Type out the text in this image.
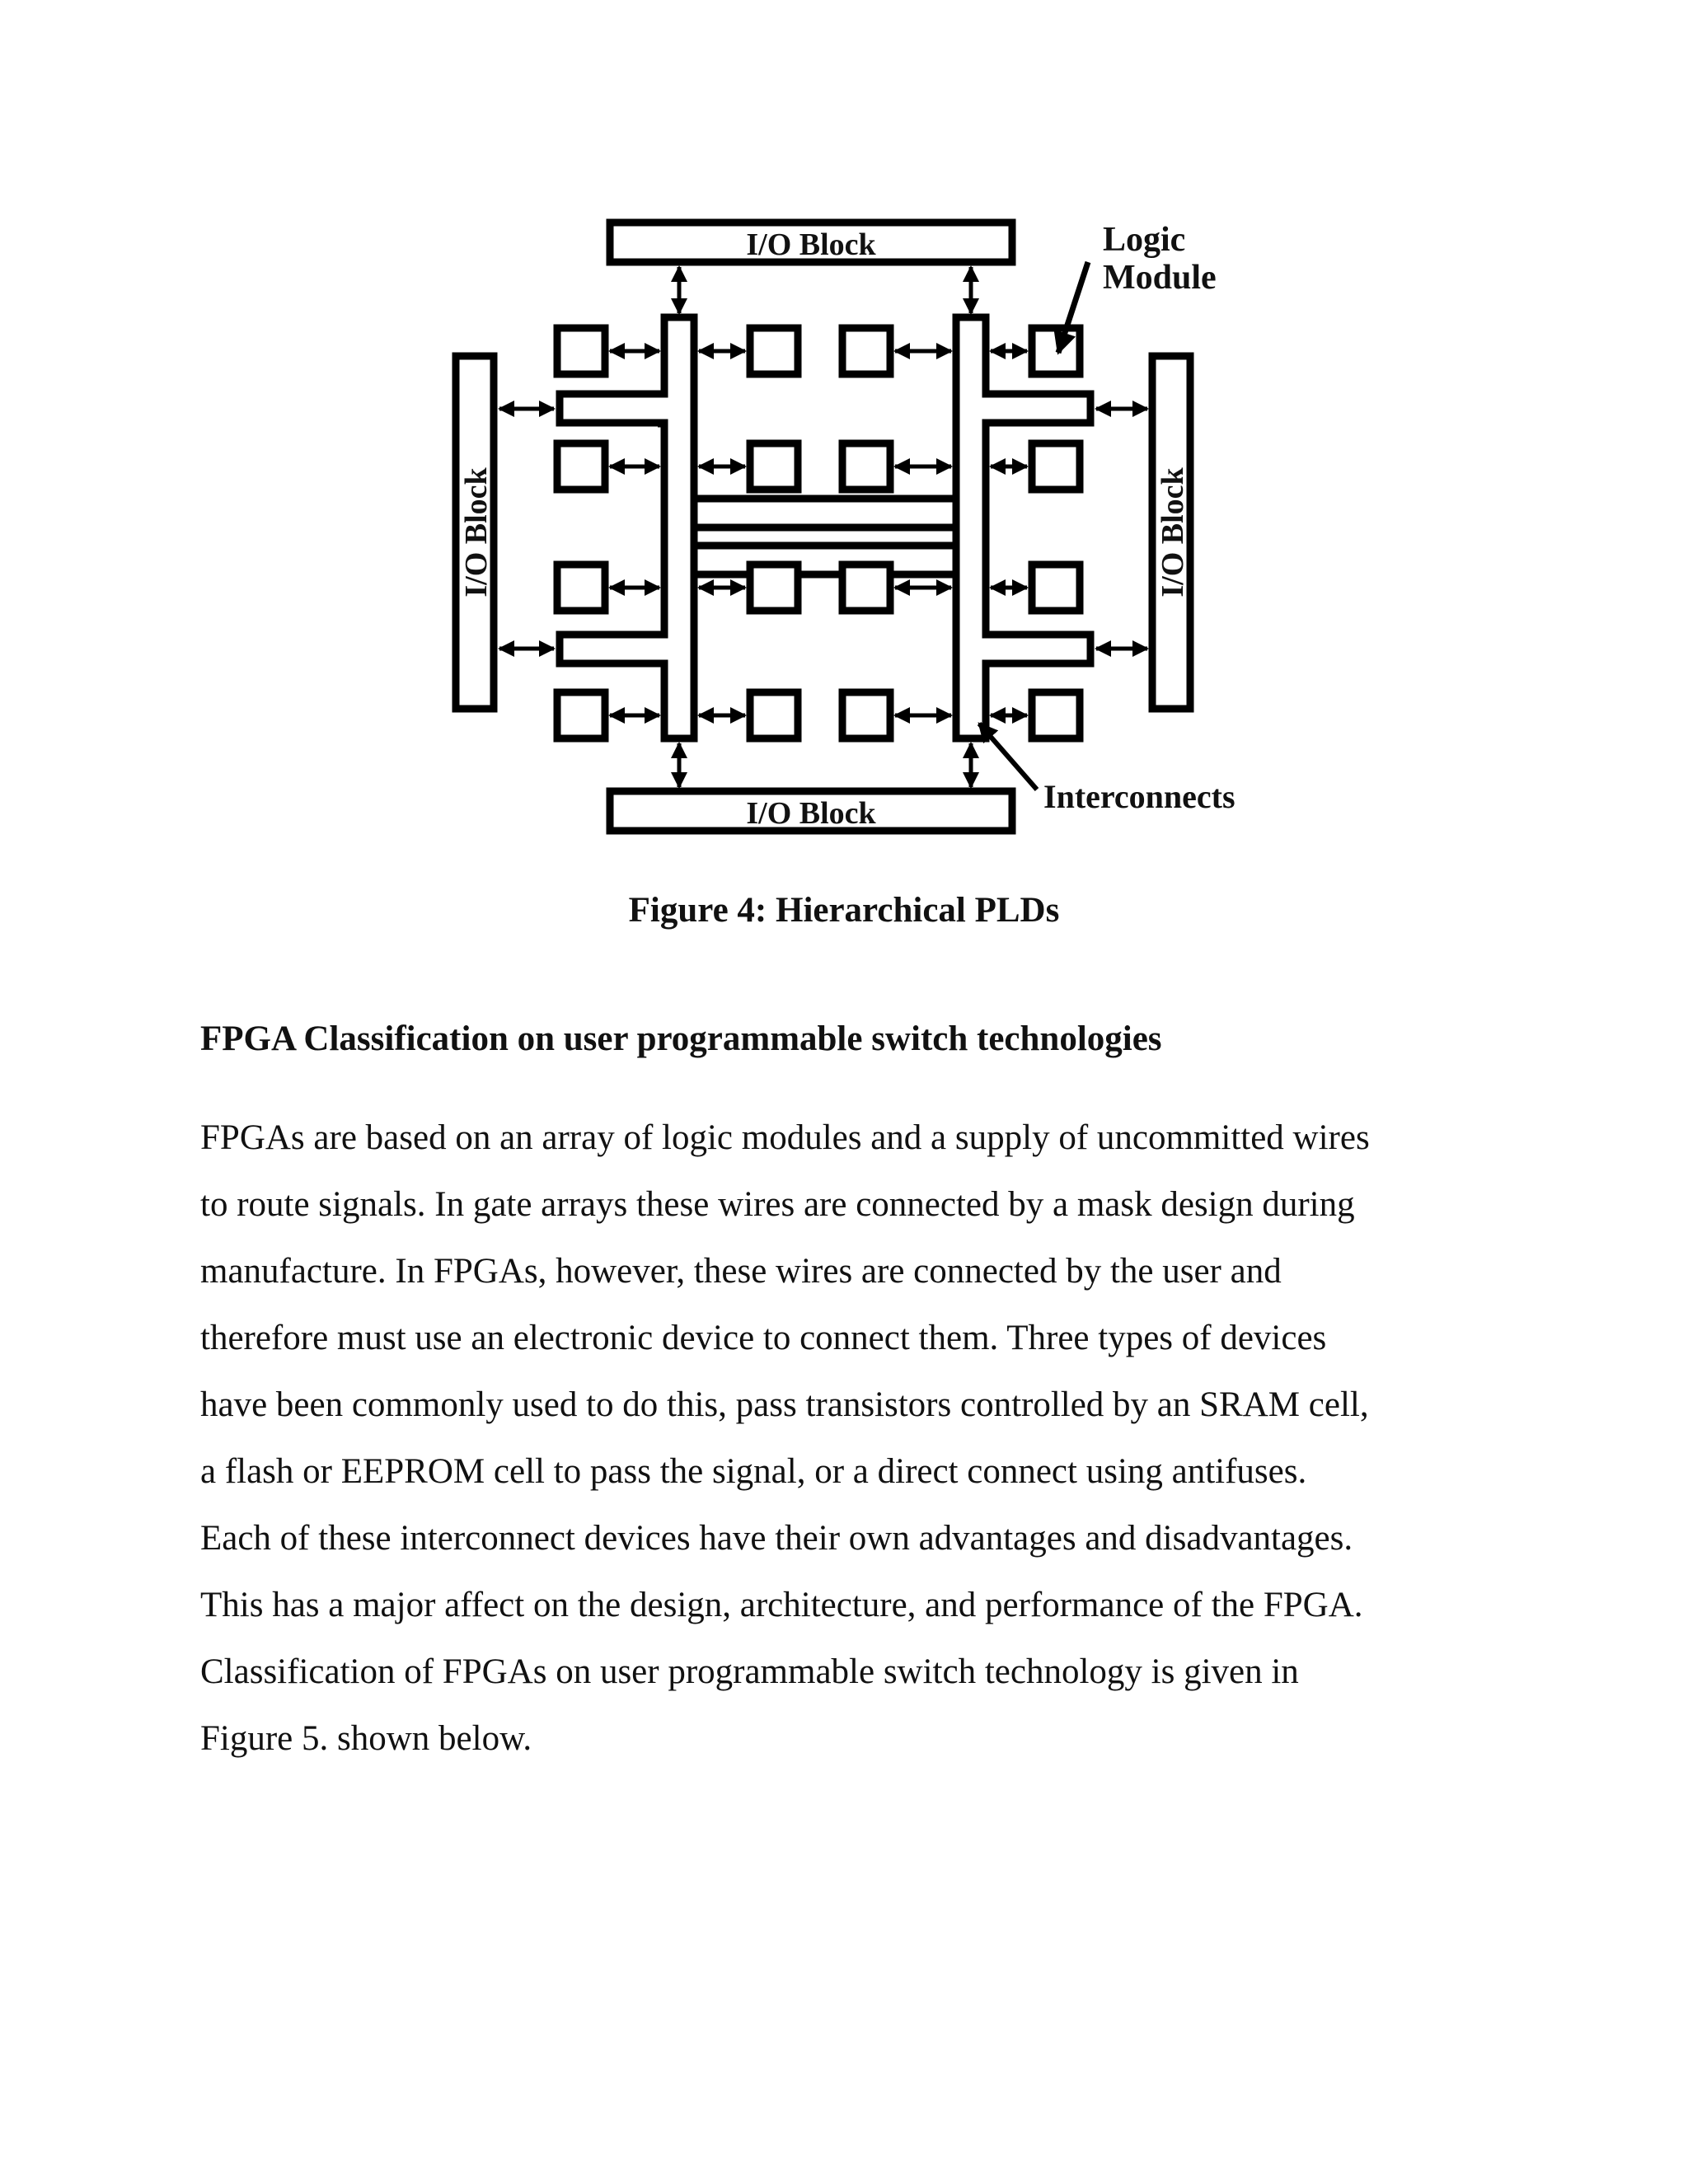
I/O Block
I/O Block
I/O Block	I/O Block
Logic
Module
Interconnects
Figure 4: Hierarchical PLDs
FPGA Classification on user programmable switch technologies
FPGAs are based on an array of logic modules and a supply of uncommitted wires
to route signals. In gate arrays these wires are connected by a mask design during
manufacture. In FPGAs, however, these wires are connected by the user and
therefore must use an electronic device to connect them. Three types of devices
have been commonly used to do this, pass transistors controlled by an SRAM cell,
a flash or EEPROM cell to pass the signal, or a direct connect using antifuses.
Each of these interconnect devices have their own advantages and disadvantages.
This has a major affect on the design, architecture, and performance of the FPGA.
Classification of FPGAs on user programmable switch technology is given in
Figure 5. shown below.
